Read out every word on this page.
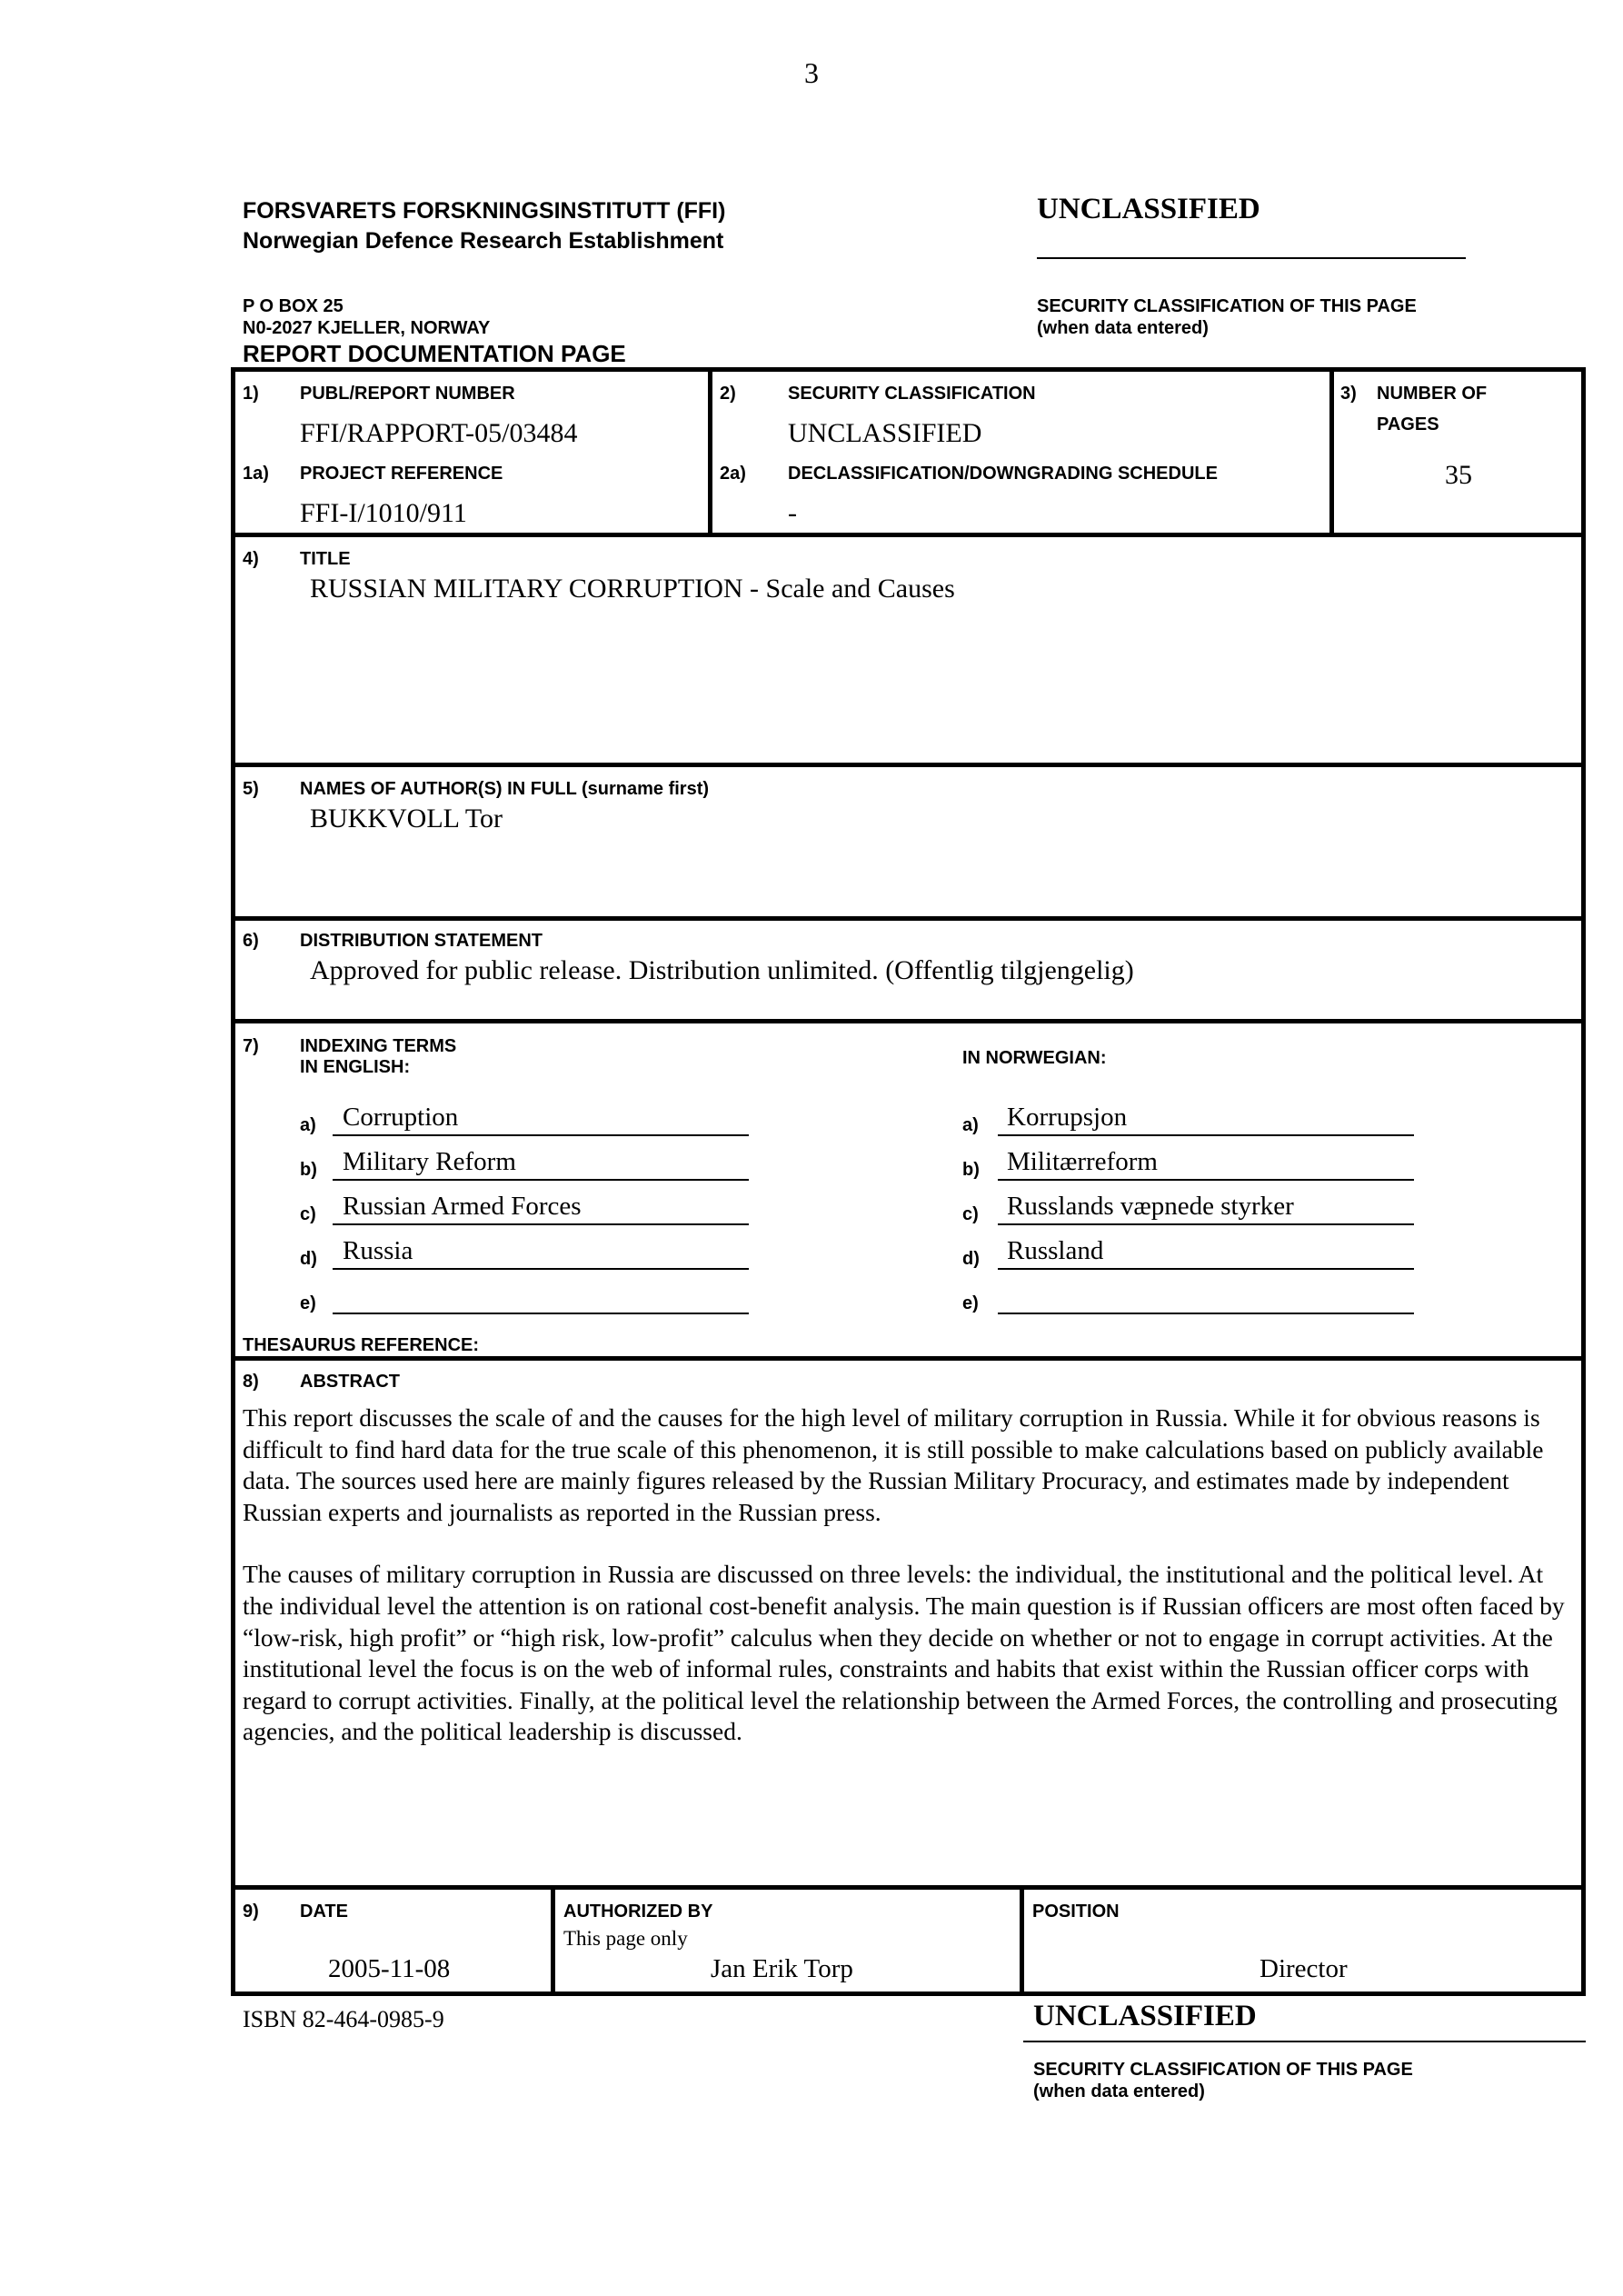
3
FORSVARETS FORSKNINGSINSTITUTT (FFI)
Norwegian Defence Research Establishment
UNCLASSIFIED
P O BOX 25
N0-2027 KJELLER, NORWAY
REPORT DOCUMENTATION PAGE
SECURITY CLASSIFICATION OF THIS PAGE
(when data entered)
1) PUBL/REPORT NUMBER
FFI/RAPPORT-05/03484
1a) PROJECT REFERENCE
FFI-I/1010/911
2)	SECURITY CLASSIFICATION
UNCLASSIFIED
2a) DECLASSIFICATION/DOWNGRADING SCHEDULE
-
3) NUMBER OF
PAGES
35
4) TITLE
RUSSIAN MILITARY CORRUPTION - Scale and Causes
5) NAMES OF AUTHOR(S) IN FULL (surname first)
BUKKVOLL Tor
6) DISTRIBUTION STATEMENT
Approved for public release. Distribution unlimited. (Offentlig tilgjengelig)
7) INDEXING TERMS
IN ENGLISH:	IN NORWEGIAN:
a) Corruption
b) Military Reform
c) Russian Armed Forces
d) Russia
e)
a) Korrupsjon
b) Militærreform
c) Russlands væpnede styrker
d) Russland
e)
THESAURUS REFERENCE:
8) ABSTRACT

This report discusses the scale of and the causes for the high level of military corruption in Russia. While it for obvious reasons is difficult to find hard data for the true scale of this phenomenon, it is still possible to make calculations based on publicly available data. The sources used here are mainly figures released by the Russian Military Procuracy, and estimates made by independent Russian experts and journalists as reported in the Russian press.

The causes of military corruption in Russia are discussed on three levels: the individual, the institutional and the political level. At the individual level the attention is on rational cost-benefit analysis. The main question is if Russian officers are most often faced by “low-risk, high profit” or “high risk, low-profit” calculus when they decide on whether or not to engage in corrupt activities. At the institutional level the focus is on the web of informal rules, constraints and habits that exist within the Russian officer corps with regard to corrupt activities. Finally, at the political level the relationship between the Armed Forces, the controlling and prosecuting agencies, and the political leadership is discussed.

9) DATE
2005-11-08
AUTHORIZED BY
This page only
Jan Erik Torp
POSITION
Director
ISBN 82-464-0985-9	UNCLASSIFIED
SECURITY CLASSIFICATION OF THIS PAGE
(when data entered)
